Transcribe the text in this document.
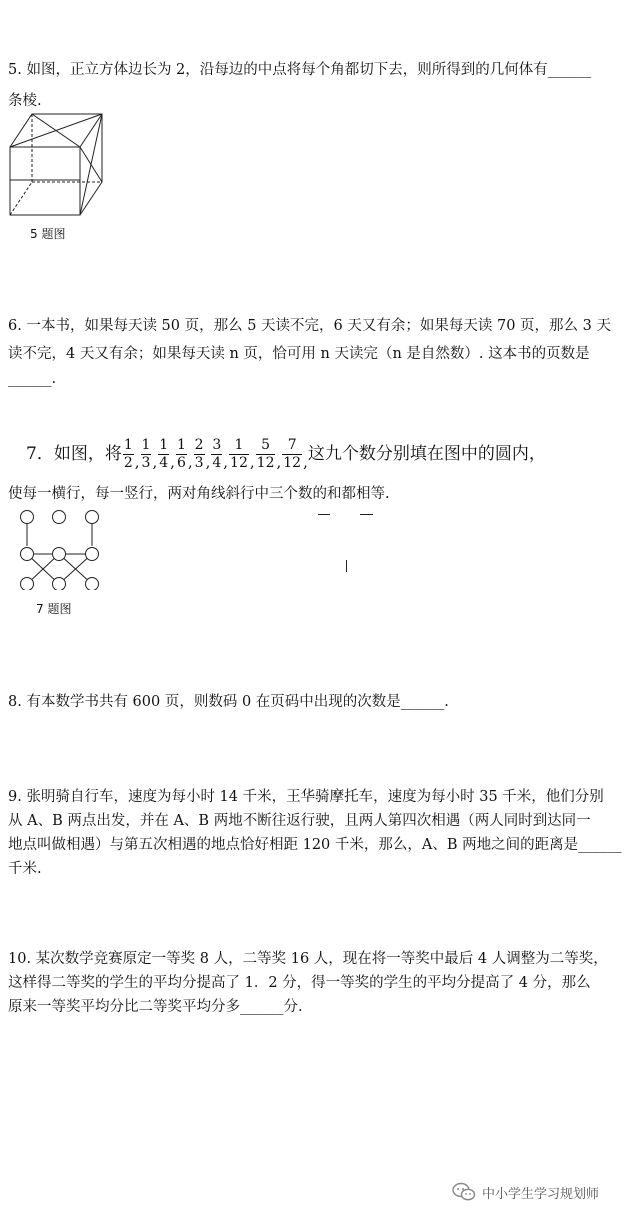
5. 如图，正立方体边长为 2，沿每边的中点将每个角都切下去，则所得到的几何体有______
条棱.
5 题图
6. 一本书，如果每天读 50 页，那么 5 天读不完，6 天又有余；如果每天读 70 页，那么 3 天
读不完，4 天又有余；如果每天读 n 页，恰可用 n 天读完（n 是自然数）. 这本书的页数是______.
7．如图，将 $\frac{1}{2}$ , $\frac{1}{3}$ , $\frac{1}{4}$ , $\frac{1}{6}$ , $\frac{2}{3}$ , $\frac{3}{4}$ , $\frac{1}{12}$ , $\frac{5}{12}$ , $\frac{7}{12}$ ,这九个数分别填在图中的圆内，
使每一横行，每一竖行，两对角线斜行中三个数的和都相等.
7 题图
8. 有本数学书共有 600 页，则数码 0 在页码中出现的次数是______.
9. 张明骑自行车，速度为每小时 14 千米，王华骑摩托车，速度为每小时 35 千米，他们分别
从 A、B 两点出发，并在 A、B 两地不断往返行驶，且两人第四次相遇（两人同时到达同一
地点叫做相遇）与第五次相遇的地点恰好相距 120 千米，那么，A、B 两地之间的距离是______
千米.
10. 某次数学竞赛原定一等奖 8 人，二等奖 16 人，现在将一等奖中最后 4 人调整为二等奖，
这样得二等奖的学生的平均分提高了 1．2 分，得一等奖的学生的平均分提高了 4 分，那么
原来一等奖平均分比二等奖平均分多______分.
中小学生学习规划师
